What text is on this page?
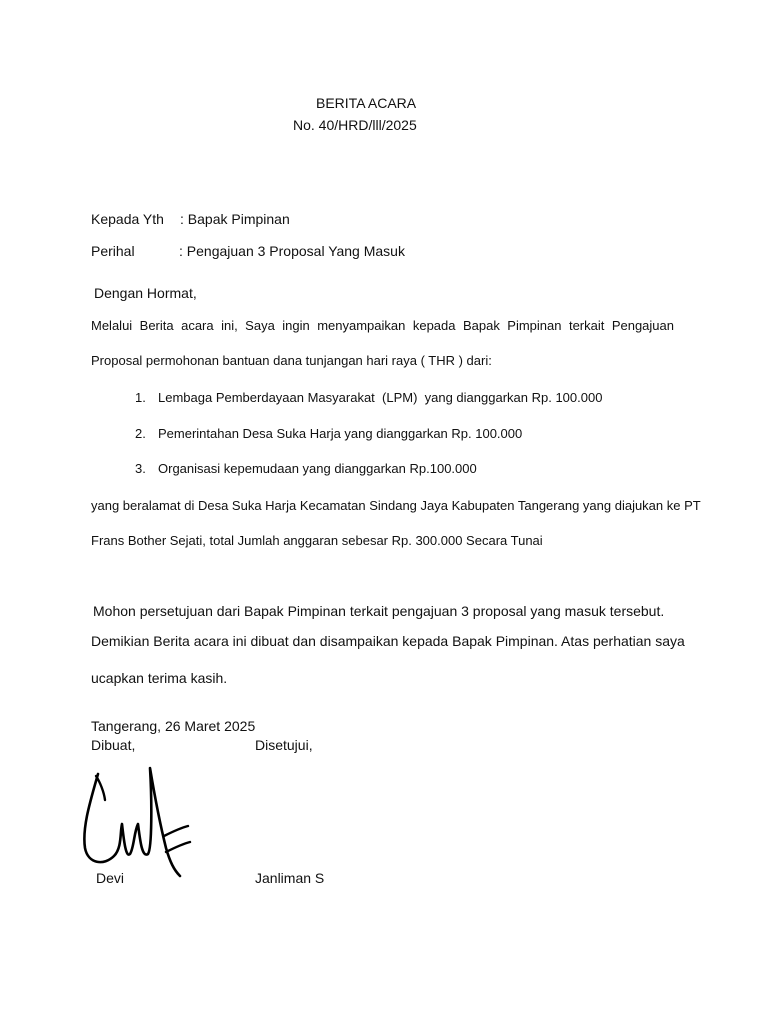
BERITA ACARA
No. 40/HRD/lll/2025
Kepada Yth : Bapak Pimpinan
Perihal	: Pengajuan 3 Proposal Yang Masuk
Dengan Hormat,
Melalui Berita acara ini, Saya ingin menyampaikan kepada Bapak Pimpinan terkait Pengajuan
Proposal permohonan bantuan dana tunjangan hari raya ( THR ) dari:
1. Lembaga Pemberdayaan Masyarakat  (LPM)  yang dianggarkan Rp. 100.000
2. Pemerintahan Desa Suka Harja yang dianggarkan Rp. 100.000
3. Organisasi kepemudaan yang dianggarkan Rp.100.000
yang beralamat di Desa Suka Harja Kecamatan Sindang Jaya Kabupaten Tangerang yang diajukan ke PT
Frans Bother Sejati, total Jumlah anggaran sebesar Rp. 300.000 Secara Tunai
Mohon persetujuan dari Bapak Pimpinan terkait pengajuan 3 proposal yang masuk tersebut.
Demikian Berita acara ini dibuat dan disampaikan kepada Bapak Pimpinan. Atas perhatian saya
ucapkan terima kasih.
Tangerang, 26 Maret 2025
Dibuat,	Disetujui,
Devi	Janliman S
